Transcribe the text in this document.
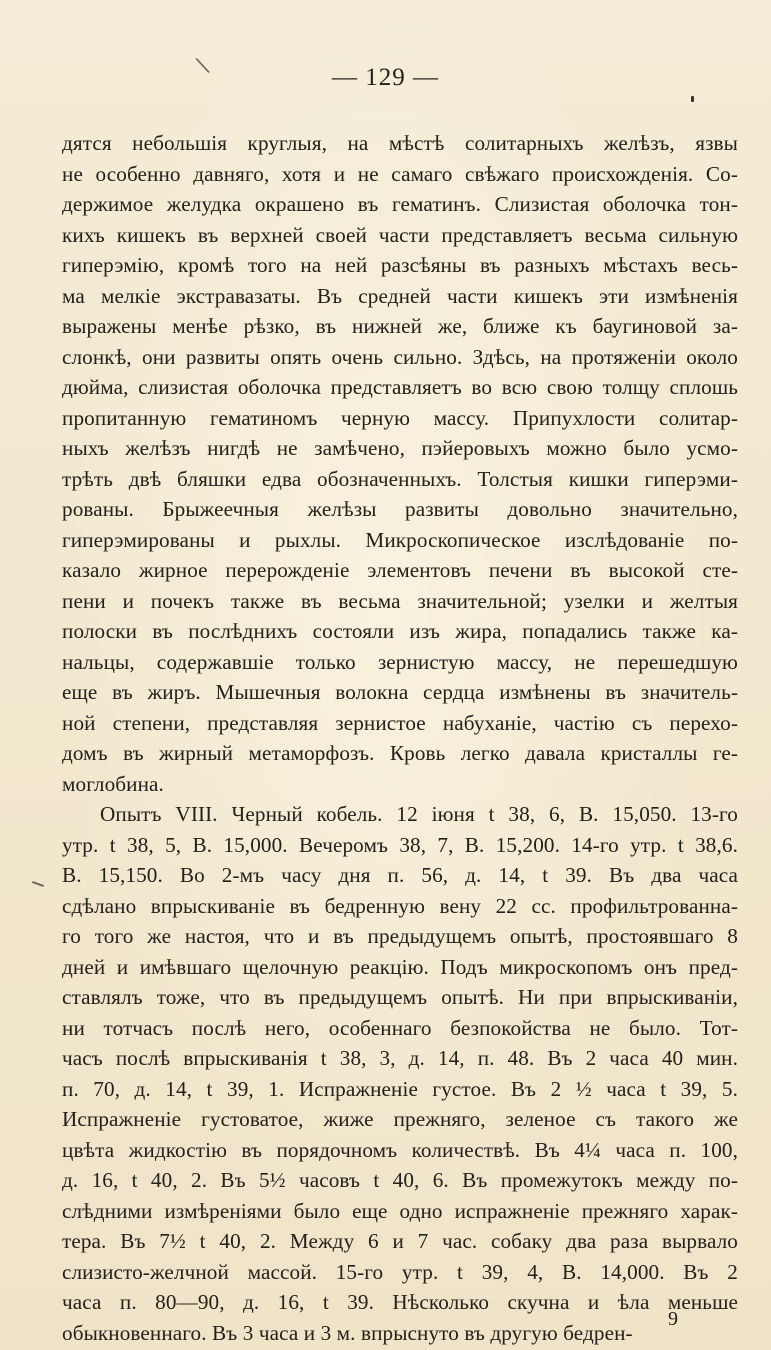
\	— 129 —
дятся небольшія круглыя, на мѣстѣ солитарныхъ желѣзъ, язвы
не особенно давняго, хотя и не самаго свѣжаго происхожденія. Со-
держимое желудка окрашено въ гематинъ. Слизистая оболочка тон-
кихъ кишекъ въ верхней своей части представляетъ весьма сильную
гиперэмію, кромѣ того на ней разсѣяны въ разныхъ мѣстахъ весь-
ма мелкіе экстравазаты. Въ средней части кишекъ эти измѣненія
выражены менѣе рѣзко, въ нижней же, ближе къ баугиновой за-
слонкѣ, они развиты опять очень сильно. Здѣсь, на протяженіи около
дюйма, слизистая оболочка представляетъ во всю свою толщу сплошь
пропитанную гематиномъ черную массу. Припухлости солитар-
ныхъ желѣзъ нигдѣ не замѣчено, пэйеровыхъ можно было усмо-
трѣть двѣ бляшки едва обозначенныхъ. Толстыя кишки гиперэми-
рованы. Брыжеечныя желѣзы развиты довольно значительно,
гиперэмированы и рыхлы. Микроскопическое изслѣдованіе по-
казало жирное перерожденіе элементовъ печени въ высокой сте-
пени и почекъ также въ весьма значительной; узелки и желтыя
полоски въ послѣднихъ состояли изъ жира, попадались также ка-
нальцы, содержавшіе только зернистую массу, не перешедшую
еще въ жиръ. Мышечныя волокна сердца измѣнены въ значитель-
ной степени, представляя зернистое набуханіе, частію съ перехо-
домъ въ жирный метаморфозъ. Кровь легко давала кристаллы ге-
моглобина.
Опытъ VIII. Черный кобель. 12 іюня t 38, 6, B. 15,050. 13-го
утр. t 38, 5, B. 15,000. Вечеромъ 38, 7, B. 15,200. 14-го утр. t 38,6.
B. 15,150. Во 2-мъ часу дня п. 56, д. 14, t 39. Въ два часа
сдѣлано впрыскиваніе въ бедренную вену 22 cc. профильтрованна-
го того же настоя, что и въ предыдущемъ опытѣ, простоявшаго 8
дней и имѣвшаго щелочную реакцію. Подъ микроскопомъ онъ пред-
ставлялъ тоже, что въ предыдущемъ опытѣ. Ни при впрыскиваніи,
ни тотчасъ послѣ него, особеннаго безпокойства не было. Тот-
часъ послѣ впрыскиванія t 38, 3, д. 14, п. 48. Въ 2 часа 40 мин.
п. 70, д. 14, t 39, 1. Испражненіе густое. Въ 2 ½ часа t 39, 5.
Испражненіе густоватое, жиже прежняго, зеленое съ такого же
цвѣта жидкостію въ порядочномъ количествѣ. Въ 4¼ часа п. 100,
д. 16, t 40, 2. Въ 5½ часовъ t 40, 6. Въ промежутокъ между по-
слѣдними измѣреніями было еще одно испражненіе прежняго харак-
тера. Въ 7½ t 40, 2. Между 6 и 7 час. собаку два раза вырвало
слизисто-желчной массой. 15-го утр. t 39, 4, B. 14,000. Въ 2
часа п. 80—90, д. 16, t 39. Нѣсколько скучна и ѣла меньше
обыкновеннаго. Въ 3 часа и 3 м. впрыснуто въ другую бедрен-
9
